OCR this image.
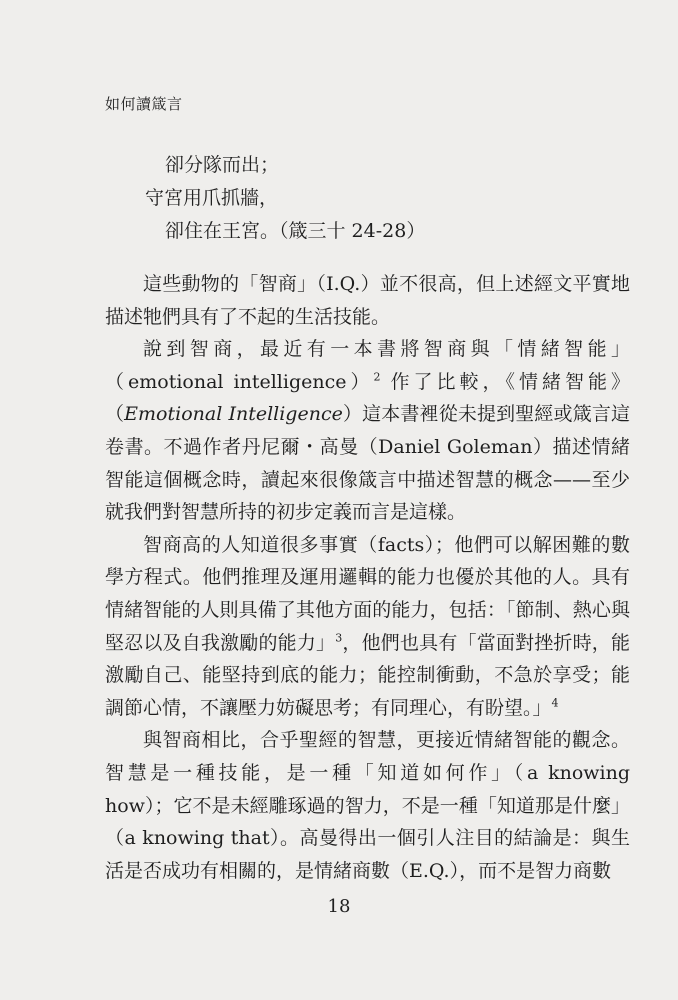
如何讀箴言
卻分隊而出；
守宮用爪抓牆，
卻住在王宮。（箴三十 24-28）

這些動物的「智商」（I.Q.）並不很高，但上述經文平實地描述牠們具有了不起的生活技能。

說到智商，最近有一本書將智商與「情緒智能」（emotional intelligence）$^2$ 作了比較，《情緒智能》（Emotional Intelligence）這本書裡從未提到聖經或箴言這卷書。不過作者丹尼爾・高曼（Daniel Goleman）描述情緒智能這個概念時，讀起來很像箴言中描述智慧的概念——至少就我們對智慧所持的初步定義而言是這樣。

智商高的人知道很多事實（facts）；他們可以解困難的數學方程式。他們推理及運用邏輯的能力也優於其他的人。具有情緒智能的人則具備了其他方面的能力，包括：「節制、熱心與堅忍以及自我激勵的能力」$^3$，他們也具有「當面對挫折時，能激勵自己、能堅持到底的能力；能控制衝動，不急於享受；能調節心情，不讓壓力妨礙思考；有同理心，有盼望。」$^4$

與智商相比，合乎聖經的智慧，更接近情緒智能的觀念。智慧是一種技能，是一種「知道如何作」（a knowing how）；它不是未經雕琢過的智力，不是一種「知道那是什麼」（a knowing that）。高曼得出一個引人注目的結論是：與生活是否成功有相關的，是情緒商數（E.Q.），而不是智力商數

18
